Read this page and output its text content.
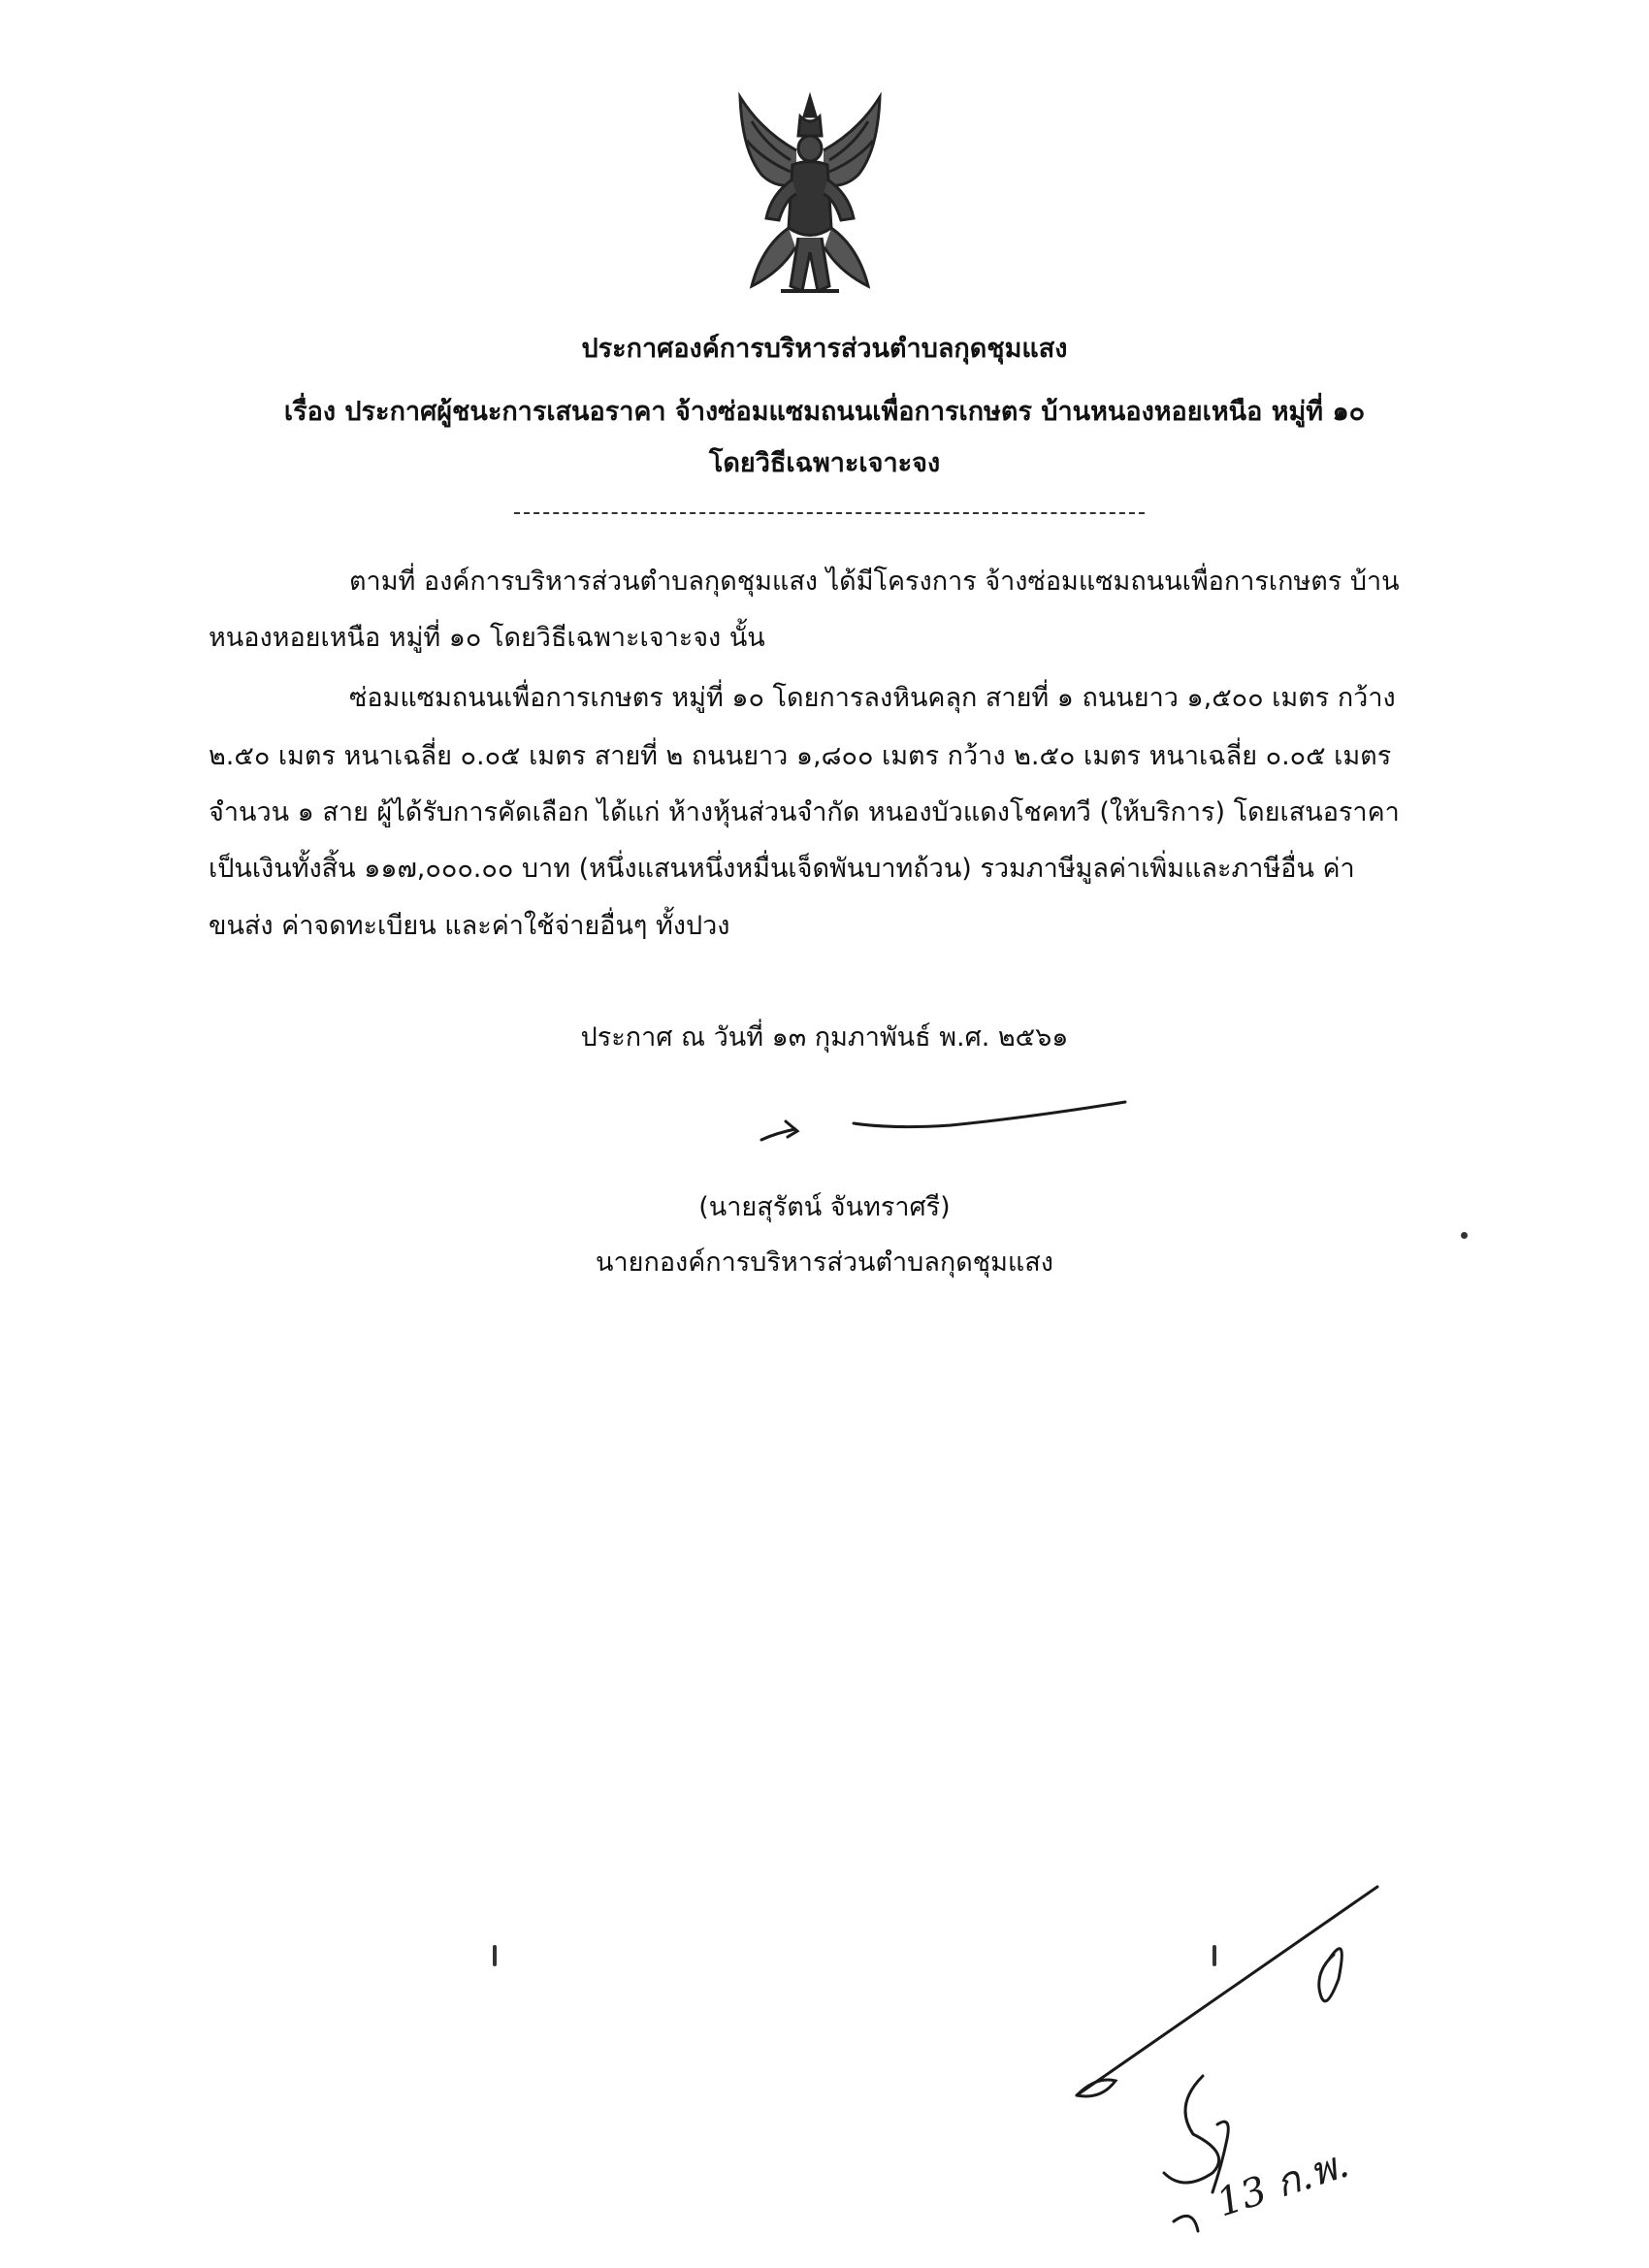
ประกาศองค์การบริหารส่วนตำบลกุดชุมแสง
เรื่อง ประกาศผู้ชนะการเสนอราคา จ้างซ่อมแซมถนนเพื่อการเกษตร บ้านหนองหอยเหนือ หมู่ที่ ๑๐
โดยวิธีเฉพาะเจาะจง
ตามที่ องค์การบริหารส่วนตำบลกุดชุมแสง ได้มีโครงการ จ้างซ่อมแซมถนนเพื่อการเกษตร บ้าน
หนองหอยเหนือ หมู่ที่ ๑๐ โดยวิธีเฉพาะเจาะจง นั้น
ซ่อมแซมถนนเพื่อการเกษตร หมู่ที่ ๑๐ โดยการลงหินคลุก สายที่ ๑ ถนนยาว ๑,๕๐๐ เมตร กว้าง
๒.๕๐ เมตร หนาเฉลี่ย ๐.๐๕ เมตร สายที่ ๒ ถนนยาว ๑,๘๐๐ เมตร กว้าง ๒.๕๐ เมตร หนาเฉลี่ย ๐.๐๕ เมตร
จำนวน ๑ สาย ผู้ได้รับการคัดเลือก ได้แก่ ห้างหุ้นส่วนจำกัด หนองบัวแดงโชคทวี (ให้บริการ) โดยเสนอราคา
เป็นเงินทั้งสิ้น ๑๑๗,๐๐๐.๐๐ บาท (หนึ่งแสนหนึ่งหมื่นเจ็ดพันบาทถ้วน) รวมภาษีมูลค่าเพิ่มและภาษีอื่น ค่า
ขนส่ง ค่าจดทะเบียน และค่าใช้จ่ายอื่นๆ ทั้งปวง
ประกาศ ณ วันที่ ๑๓ กุมภาพันธ์ พ.ศ. ๒๕๖๑
(นายสุรัตน์ จันทราศรี)
นายกองค์การบริหารส่วนตำบลกุดชุมแสง
13 ก.พ.
